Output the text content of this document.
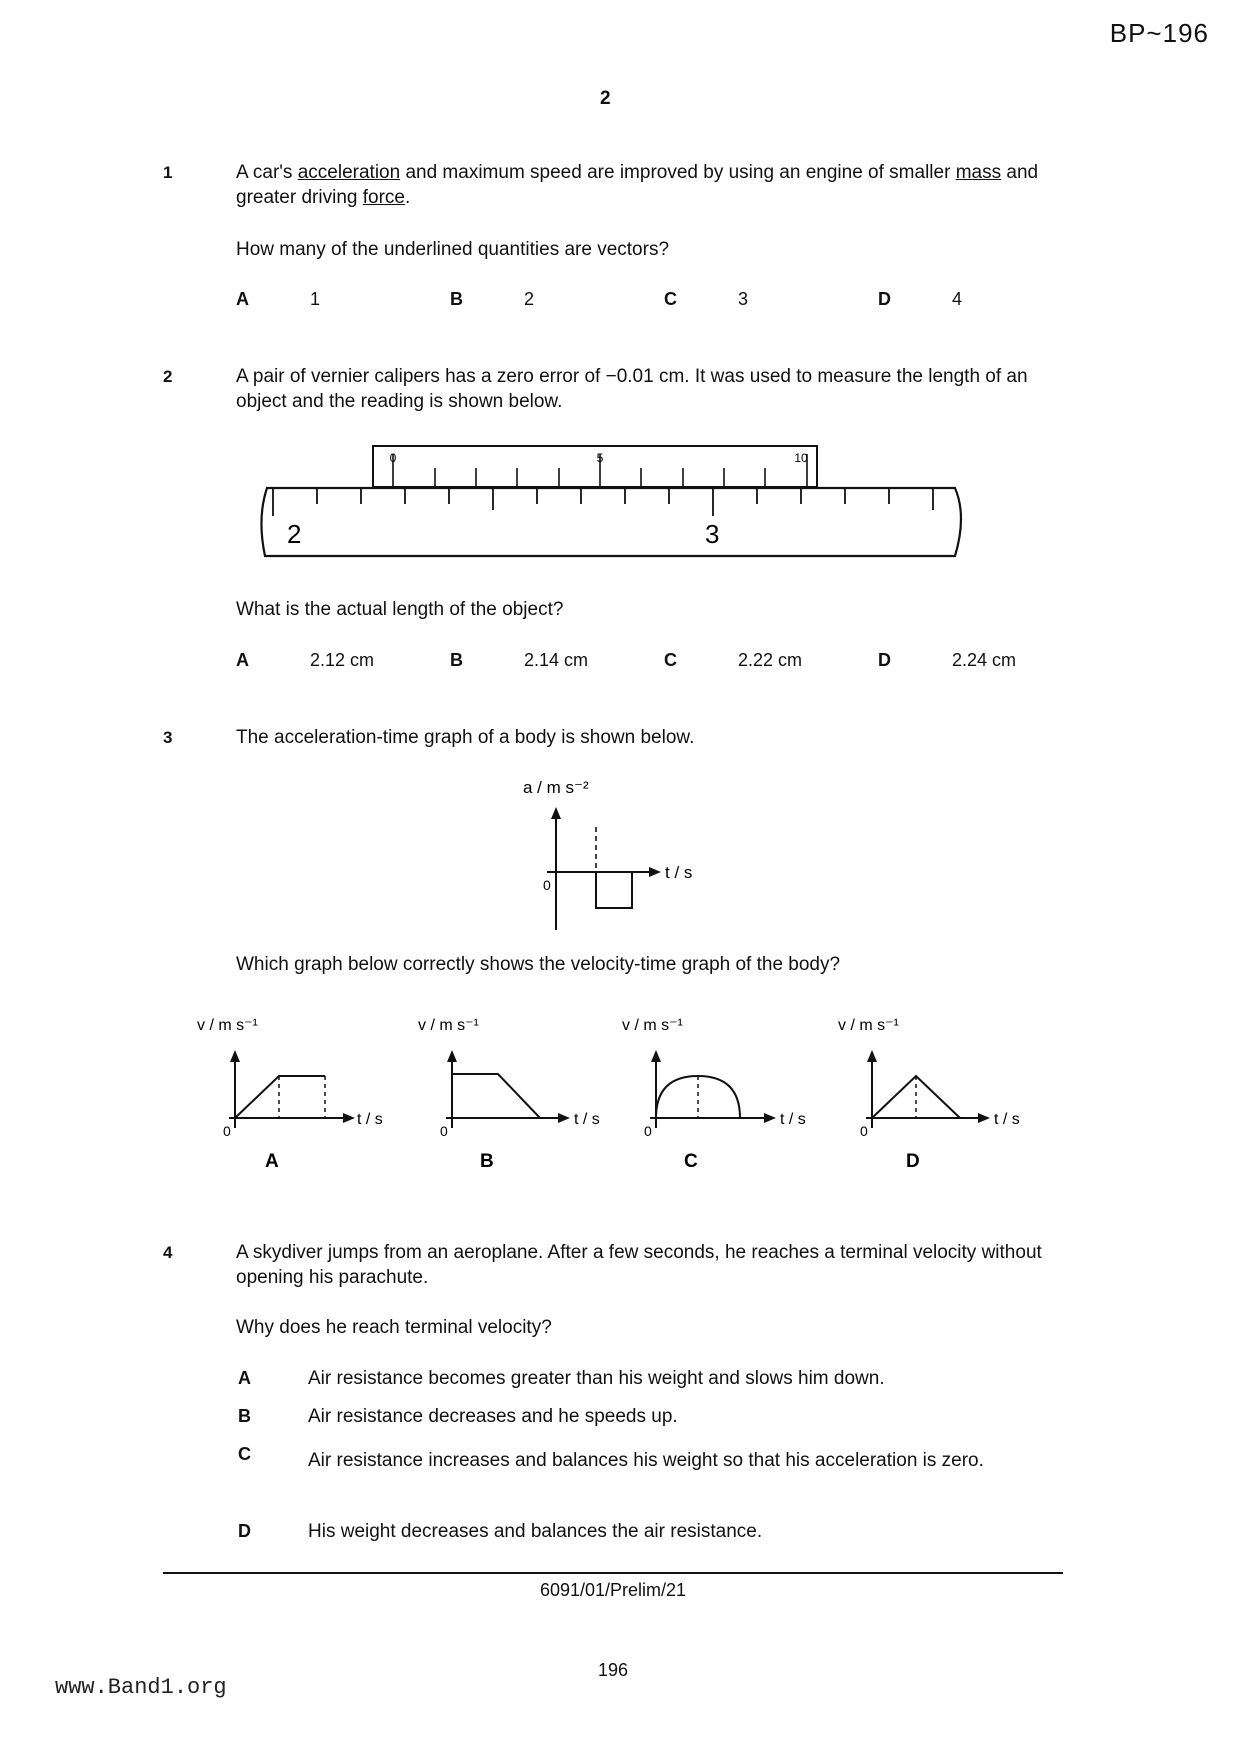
BP~196
2
1	A car's acceleration and maximum speed are improved by using an engine of smaller mass and greater driving force.
How many of the underlined quantities are vectors?
A	1	B	2	C	3	D	4
2	A pair of vernier calipers has a zero error of −0.01 cm. It was used to measure the length of an object and the reading is shown below.
0	5	10
2	3
What is the actual length of the object?
A	2.12 cm	B	2.14 cm	C	2.22 cm	D	2.24 cm
3	The acceleration-time graph of a body is shown below.
a / m s⁻²
t / s
0
Which graph below correctly shows the velocity-time graph of the body?
v / m s⁻¹
t / s
0
A
v / m s⁻¹
t / s
0
B
v / m s⁻¹
t / s
0
C
v / m s⁻¹
t / s
0
D
4	A skydiver jumps from an aeroplane. After a few seconds, he reaches a terminal velocity without opening his parachute.
Why does he reach terminal velocity?
A	Air resistance becomes greater than his weight and slows him down.
B	Air resistance decreases and he speeds up.
C	Air resistance increases and balances his weight so that his acceleration is zero.
D	His weight decreases and balances the air resistance.
6091/01/Prelim/21
196
www.Band1.org
